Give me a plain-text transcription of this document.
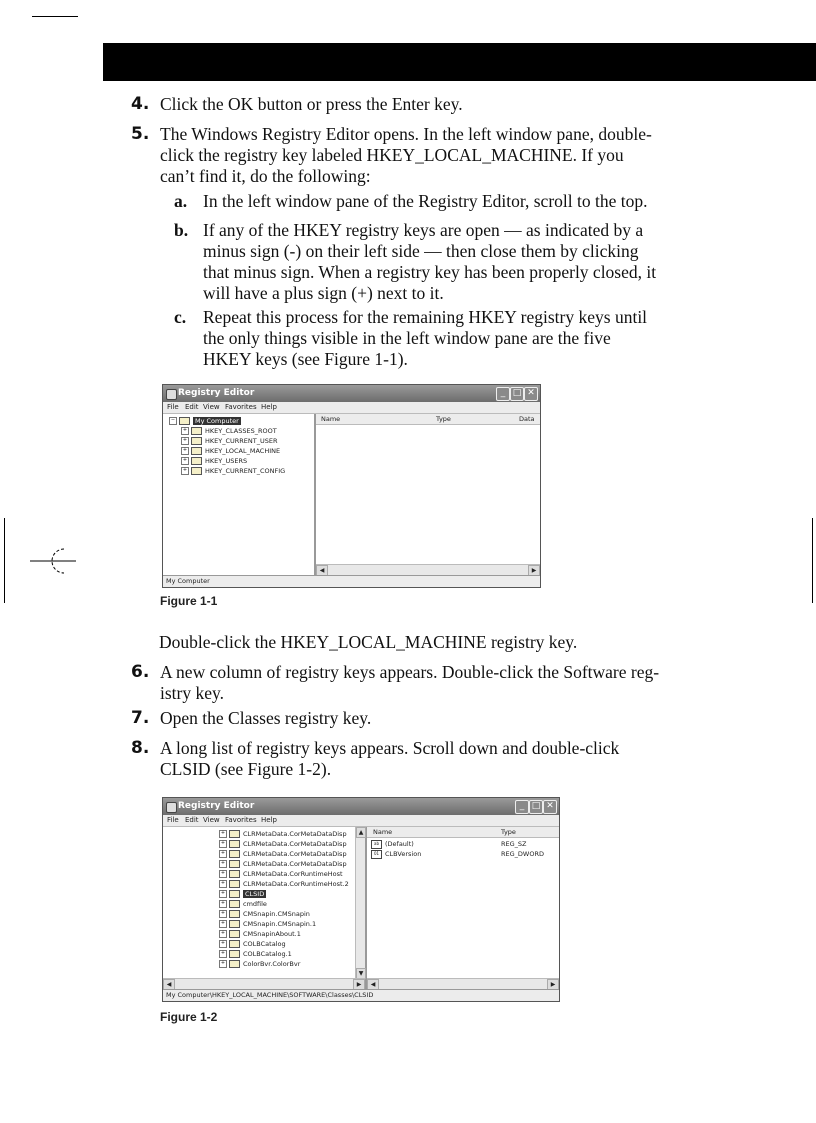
4. Click the OK button or press the Enter key.
5. The Windows Registry Editor opens. In the left window pane, double-
click the registry key labeled HKEY_LOCAL_MACHINE. If you
can’t find it, do the following:
a. In the left window pane of the Registry Editor, scroll to the top.
b. If any of the HKEY registry keys are open — as indicated by a
minus sign (-) on their left side — then close them by clicking
that minus sign. When a registry key has been properly closed, it
will have a plus sign (+) next to it.
c. Repeat this process for the remaining HKEY registry keys until
the only things visible in the left window pane are the five
HKEY keys (see Figure 1-1).
Registry Editor	_ □ ✕
File Edit View Favorites Help
−	My Computer
+	HKEY_CLASSES_ROOT
+	HKEY_CURRENT_USER
+	HKEY_LOCAL_MACHINE
+	HKEY_USERS
+	HKEY_CURRENT_CONFIG
Name	Type	Data
◀	▶
My Computer
Figure 1-1
Double-click the HKEY_LOCAL_MACHINE registry key.
6. A new column of registry keys appears. Double-click the Software reg-
istry key.
7. Open the Classes registry key.
8. A long list of registry keys appears. Scroll down and double-click
CLSID (see Figure 1-2).
Registry Editor	_ □ ✕
File Edit View Favorites Help
+	CLRMetaData.CorMetaDataDisp
+	CLRMetaData.CorMetaDataDisp
+	CLRMetaData.CorMetaDataDisp
+	CLRMetaData.CorMetaDataDisp
+	CLRMetaData.CorRuntimeHost
+	CLRMetaData.CorRuntimeHost.2
+	CLSID
+	cmdfile
+	CMSnapin.CMSnapin
+	CMSnapin.CMSnapin.1
+	CMSnapinAbout.1
+	COLBCatalog
+	COLBCatalog.1
+	ColorBvr.ColorBvr
▲
▼
◀	▶
Name	Type
ab (Default)	REG_SZ
01 CLBVersion	REG_DWORD
◀	▶
My Computer\HKEY_LOCAL_MACHINE\SOFTWARE\Classes\CLSID
Figure 1-2
